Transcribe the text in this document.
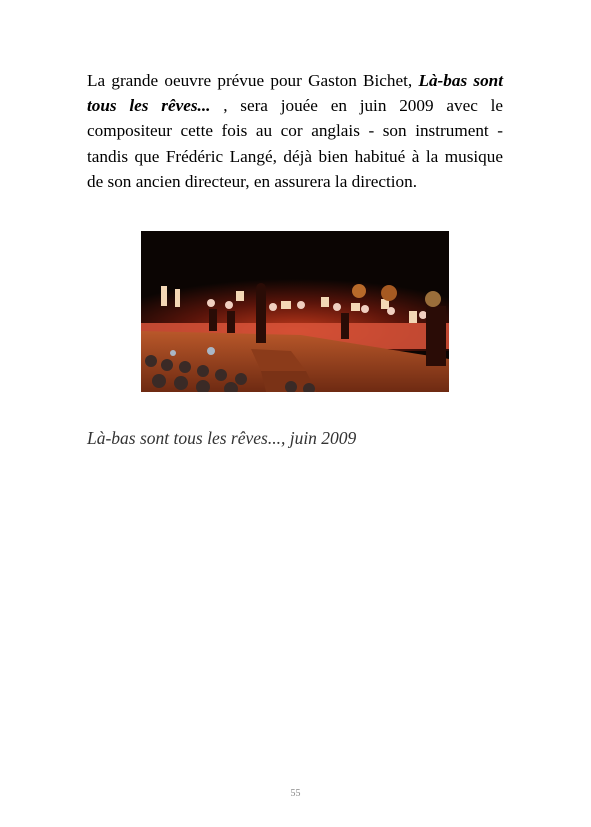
La grande oeuvre prévue pour Gaston Bichet, Là-bas sont tous les rêves... , sera jouée en juin 2009 avec le compositeur cette fois au cor anglais - son instrument - tandis que Frédéric Langé, déjà bien habitué à la musique de son ancien directeur, en assurera la direction.

Là-bas sont tous les rêves..., juin 2009

55
